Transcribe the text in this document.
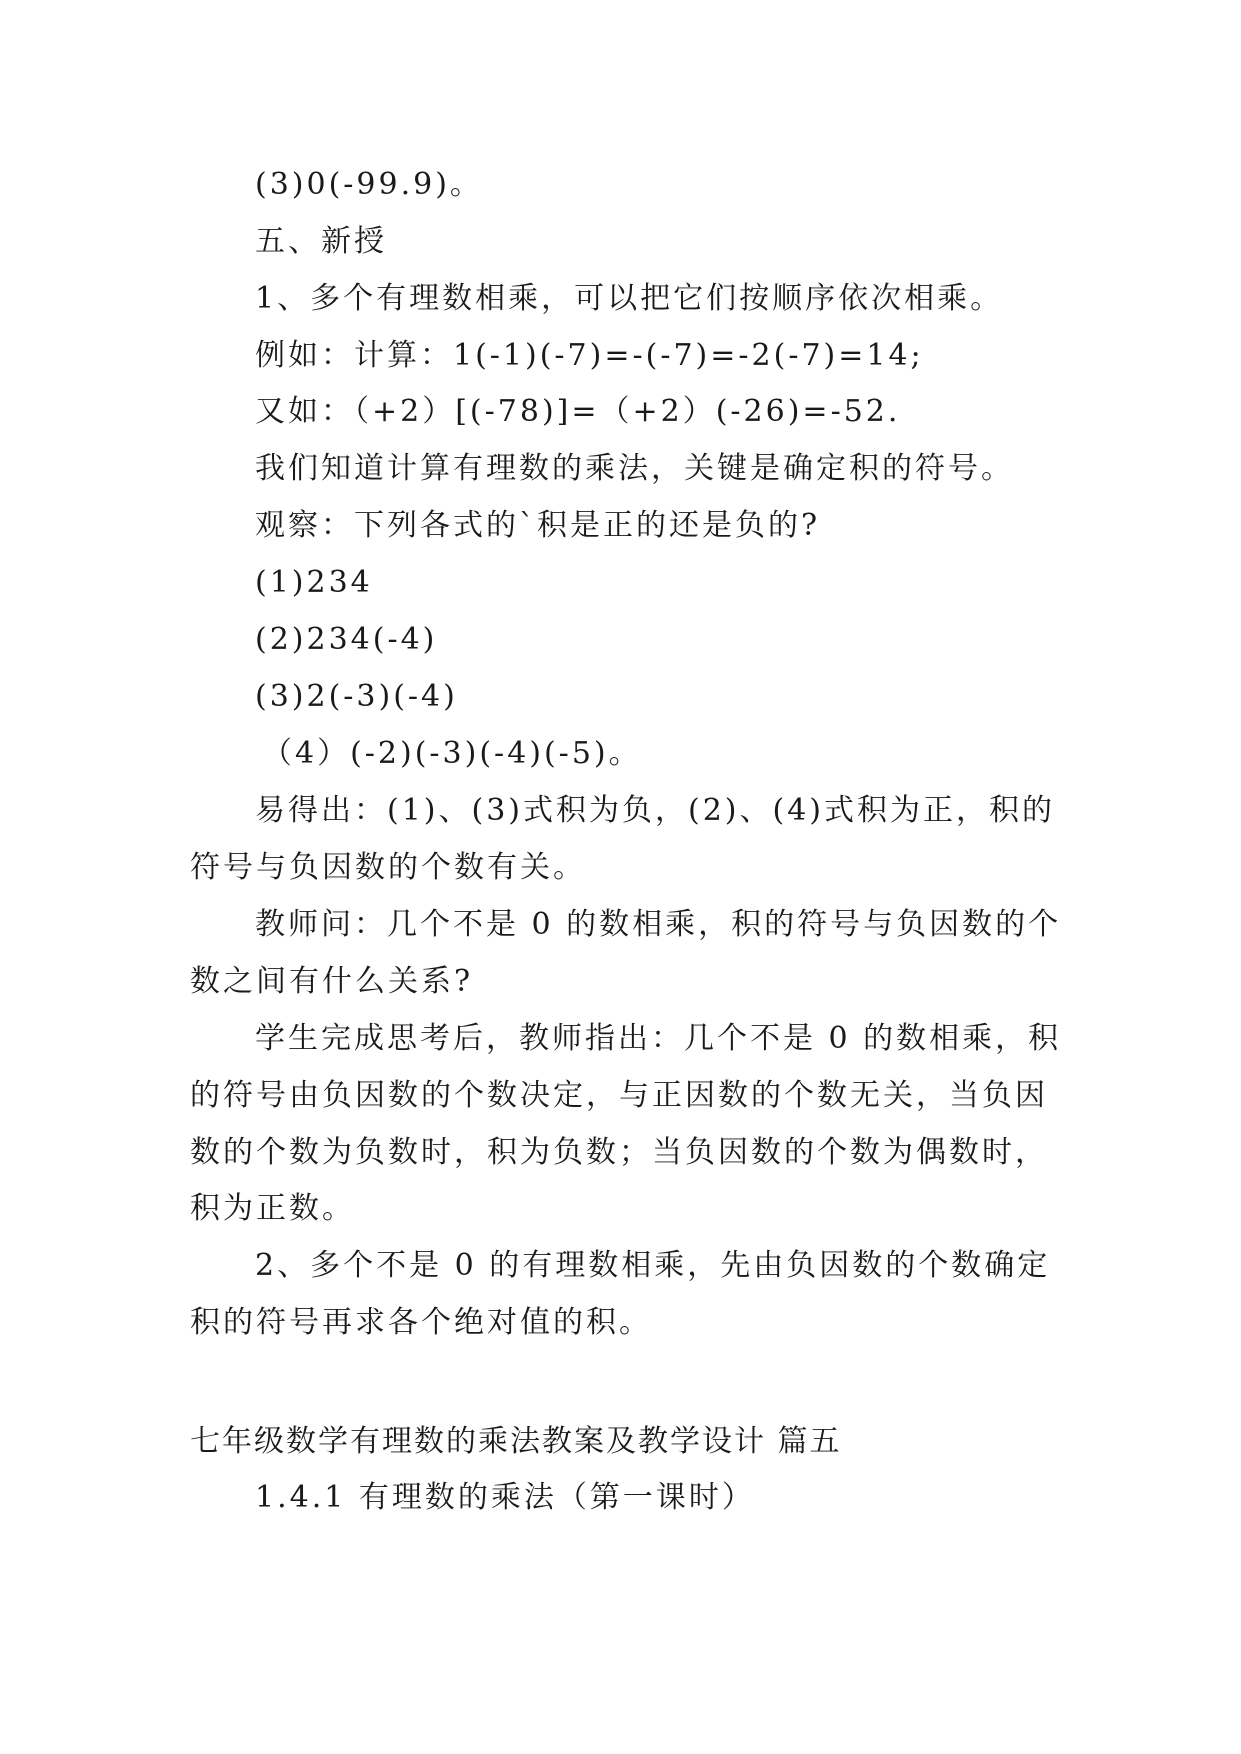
(3)0(-99.9)。

五、新授

1、多个有理数相乘，可以把它们按顺序依次相乘。

例如：计算：1(-1)(-7)=-(-7)=-2(-7)=14;

又如：（+2）[(-78)]=（+2）(-26)=-52.

我们知道计算有理数的乘法，关键是确定积的符号。

观察：下列各式的`积是正的还是负的?

(1)234

(2)234(-4)

(3)2(-3)(-4)

（4）(-2)(-3)(-4)(-5)。

易得出：(1)、(3)式积为负，(2)、(4)式积为正，积的

符号与负因数的个数有关。

教师问：几个不是 0 的数相乘，积的符号与负因数的个

数之间有什么关系?

学生完成思考后，教师指出：几个不是 0 的数相乘，积

的符号由负因数的个数决定，与正因数的个数无关，当负因

数的个数为负数时，积为负数；当负因数的个数为偶数时，

积为正数。

2、多个不是 0 的有理数相乘，先由负因数的个数确定

积的符号再求各个绝对值的积。

七年级数学有理数的乘法教案及教学设计 篇五

1.4.1 有理数的乘法（第一课时）
